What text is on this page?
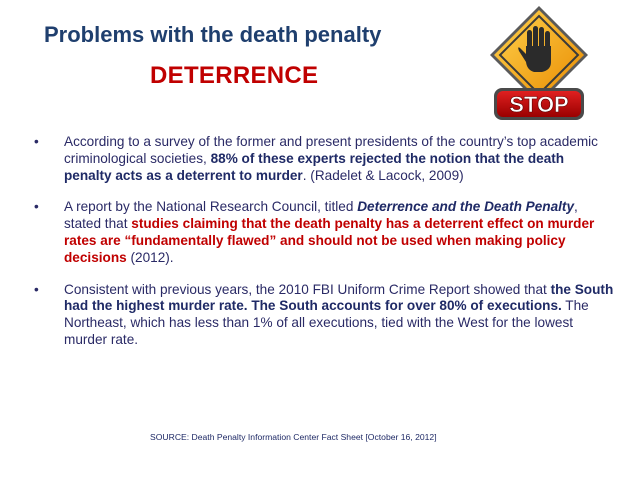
Problems with the death penalty
DETERRENCE
STOP
• According to a survey of the former and present presidents of the country’s top academic criminological societies, 88% of these experts rejected the notion that the death penalty acts as a deterrent to murder. (Radelet & Lacock, 2009)
• A report by the National Research Council, titled Deterrence and the Death Penalty, stated that studies claiming that the death penalty has a deterrent effect on murder rates are “fundamentally flawed” and should not be used when making policy decisions (2012).
• Consistent with previous years, the 2010 FBI Uniform Crime Report showed that the South had the highest murder rate. The South accounts for over 80% of executions. The Northeast, which has less than 1% of all executions, tied with the West for the lowest murder rate.
SOURCE: Death Penalty Information Center Fact Sheet [October 16, 2012]
